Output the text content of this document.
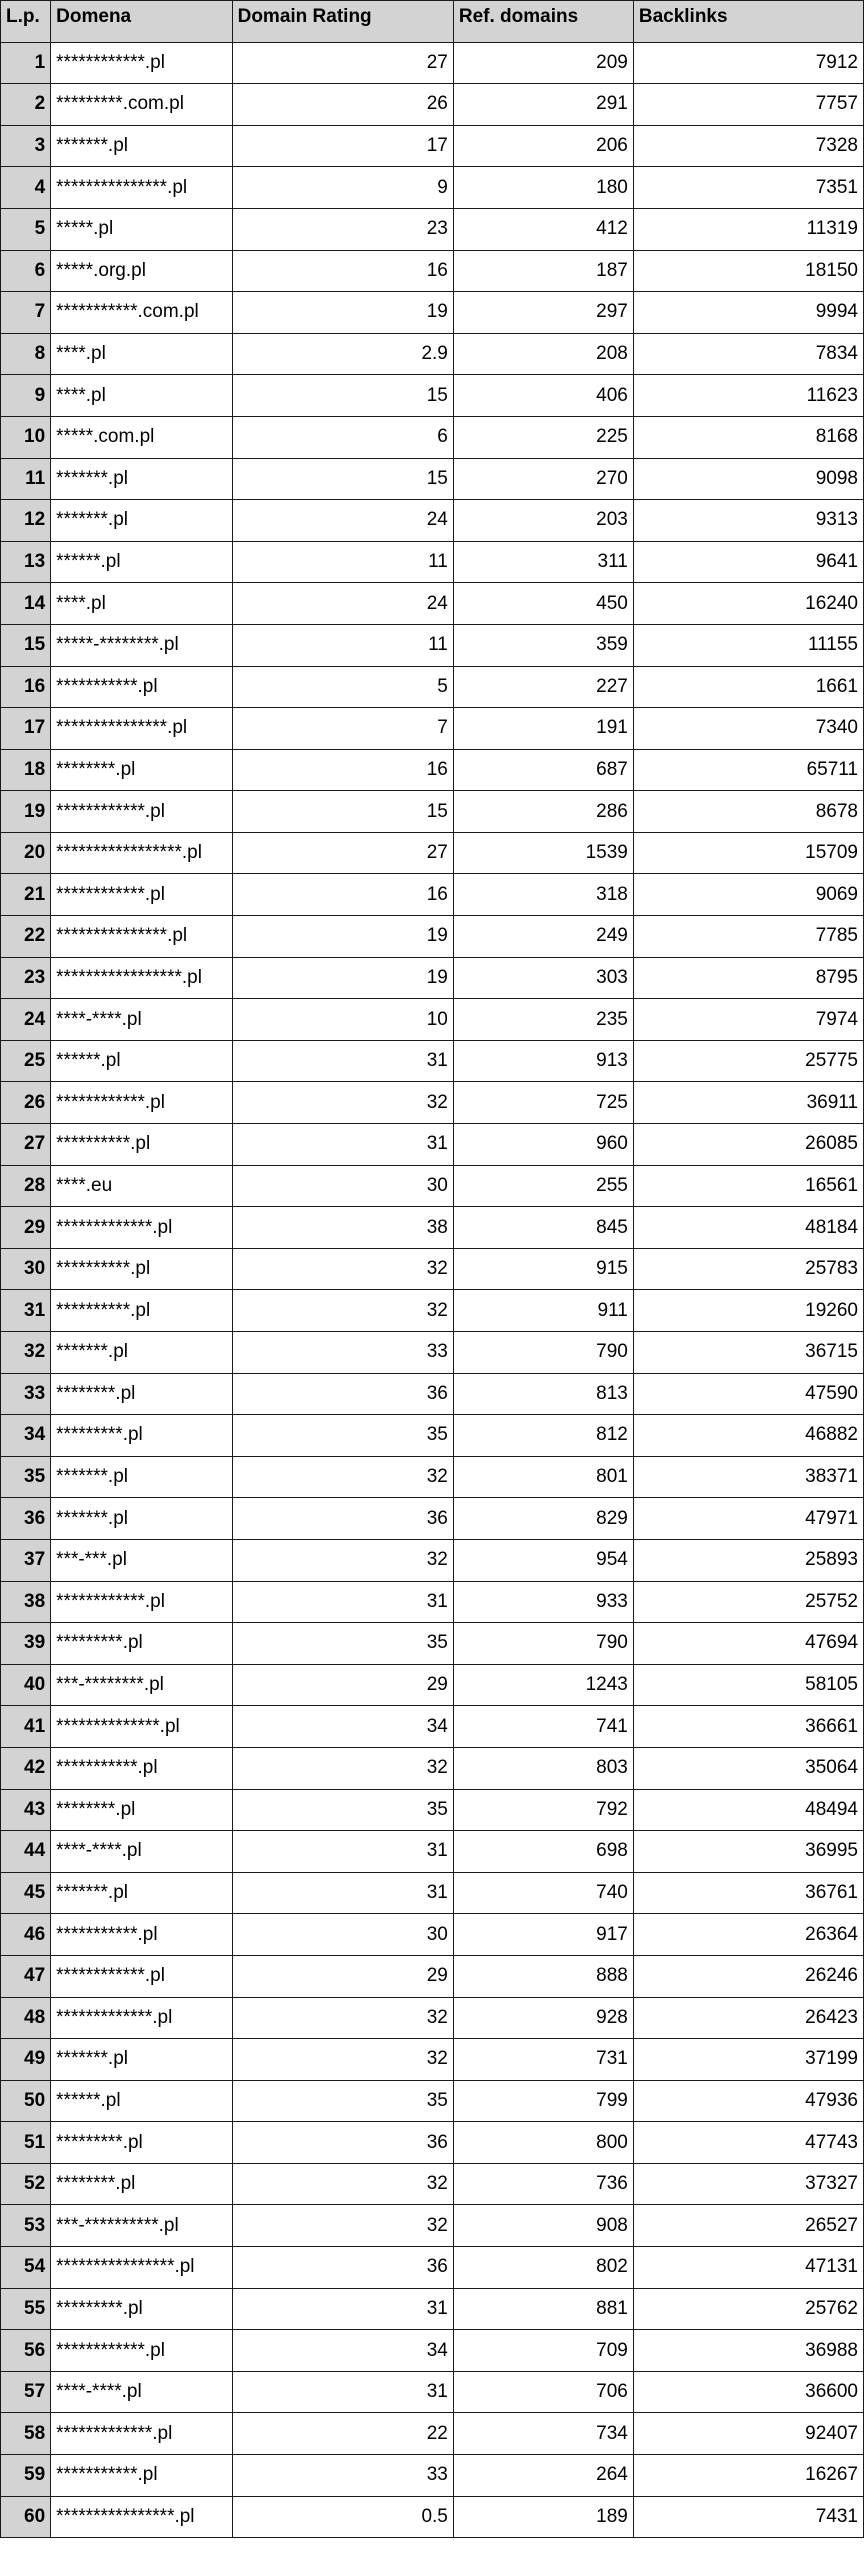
L.p.	Domena	Domain Rating	Ref. domains	Backlinks
1	************.pl	27	209	7912
2	*********.com.pl	26	291	7757
3	*******.pl	17	206	7328
4	***************.pl	9	180	7351
5	*****.pl	23	412	11319
6	*****.org.pl	16	187	18150
7	***********.com.pl	19	297	9994
8	****.pl	2.9	208	7834
9	****.pl	15	406	11623
10	*****.com.pl	6	225	8168
11	*******.pl	15	270	9098
12	*******.pl	24	203	9313
13	******.pl	11	311	9641
14	****.pl	24	450	16240
15	*****-********.pl	11	359	11155
16	***********.pl	5	227	1661
17	***************.pl	7	191	7340
18	********.pl	16	687	65711
19	************.pl	15	286	8678
20	*****************.pl	27	1539	15709
21	************.pl	16	318	9069
22	***************.pl	19	249	7785
23	*****************.pl	19	303	8795
24	****-****.pl	10	235	7974
25	******.pl	31	913	25775
26	************.pl	32	725	36911
27	**********.pl	31	960	26085
28	****.eu	30	255	16561
29	*************.pl	38	845	48184
30	**********.pl	32	915	25783
31	**********.pl	32	911	19260
32	*******.pl	33	790	36715
33	********.pl	36	813	47590
34	*********.pl	35	812	46882
35	*******.pl	32	801	38371
36	*******.pl	36	829	47971
37	***-***.pl	32	954	25893
38	************.pl	31	933	25752
39	*********.pl	35	790	47694
40	***-********.pl	29	1243	58105
41	**************.pl	34	741	36661
42	***********.pl	32	803	35064
43	********.pl	35	792	48494
44	****-****.pl	31	698	36995
45	*******.pl	31	740	36761
46	***********.pl	30	917	26364
47	************.pl	29	888	26246
48	*************.pl	32	928	26423
49	*******.pl	32	731	37199
50	******.pl	35	799	47936
51	*********.pl	36	800	47743
52	********.pl	32	736	37327
53	***-**********.pl	32	908	26527
54	****************.pl	36	802	47131
55	*********.pl	31	881	25762
56	************.pl	34	709	36988
57	****-****.pl	31	706	36600
58	*************.pl	22	734	92407
59	***********.pl	33	264	16267
60	****************.pl	0.5	189	7431
